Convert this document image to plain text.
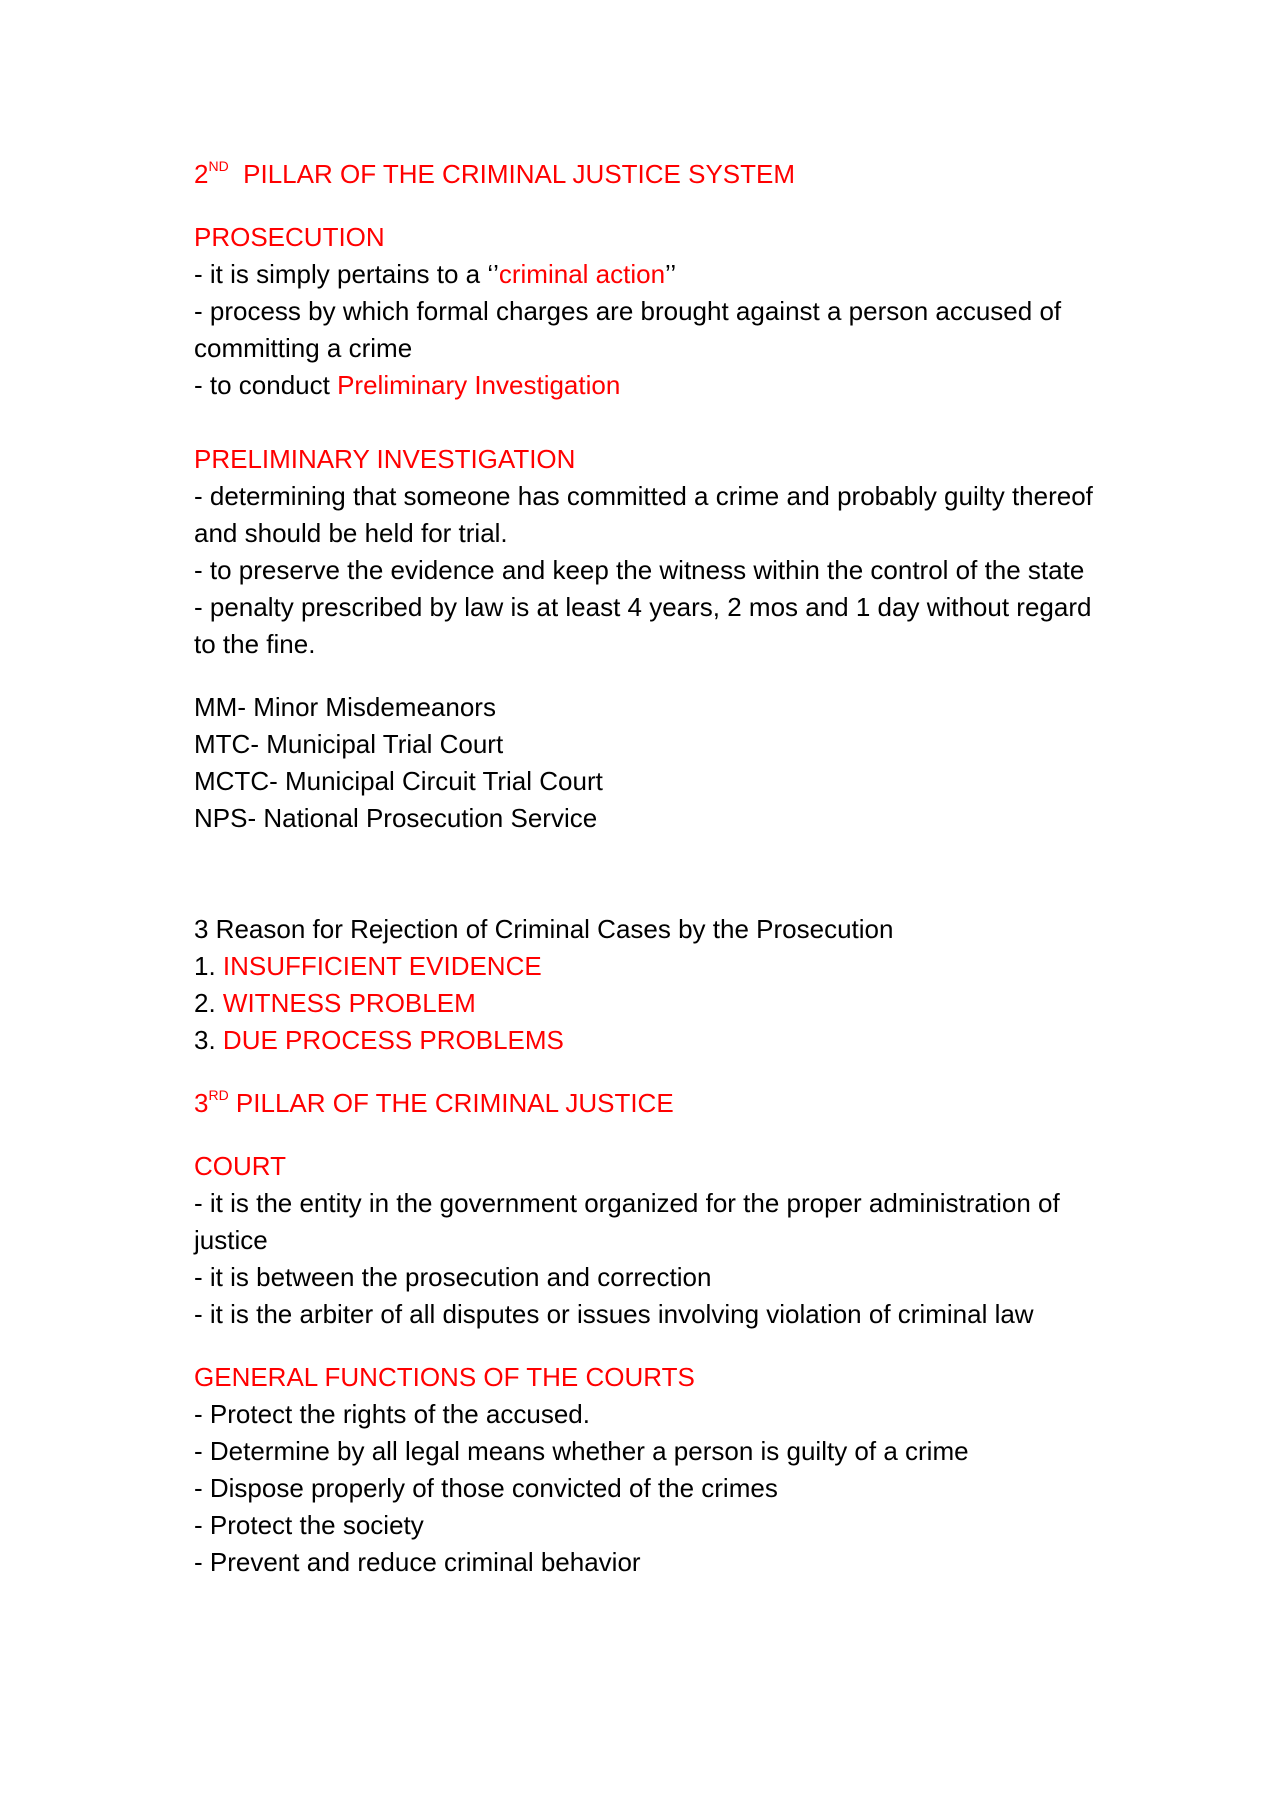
2ND  PILLAR OF THE CRIMINAL JUSTICE SYSTEM

PROSECUTION
- it is simply pertains to a ‘’criminal action’’
- process by which formal charges are brought against a person accused of committing a crime
- to conduct Preliminary Investigation

PRELIMINARY INVESTIGATION
- determining that someone has committed a crime and probably guilty thereof and should be held for trial.
- to preserve the evidence and keep the witness within the control of the state
- penalty prescribed by law is at least 4 years, 2 mos and 1 day without regard to the fine.

MM- Minor Misdemeanors
MTC- Municipal Trial Court
MCTC- Municipal Circuit Trial Court
NPS- National Prosecution Service

3 Reason for Rejection of Criminal Cases by the Prosecution
1. INSUFFICIENT EVIDENCE
2. WITNESS PROBLEM
3. DUE PROCESS PROBLEMS

3RD PILLAR OF THE CRIMINAL JUSTICE

COURT
- it is the entity in the government organized for the proper administration of justice
- it is between the prosecution and correction
- it is the arbiter of all disputes or issues involving violation of criminal law

GENERAL FUNCTIONS OF THE COURTS
- Protect the rights of the accused.
- Determine by all legal means whether a person is guilty of a crime
- Dispose properly of those convicted of the crimes
- Protect the society
- Prevent and reduce criminal behavior
